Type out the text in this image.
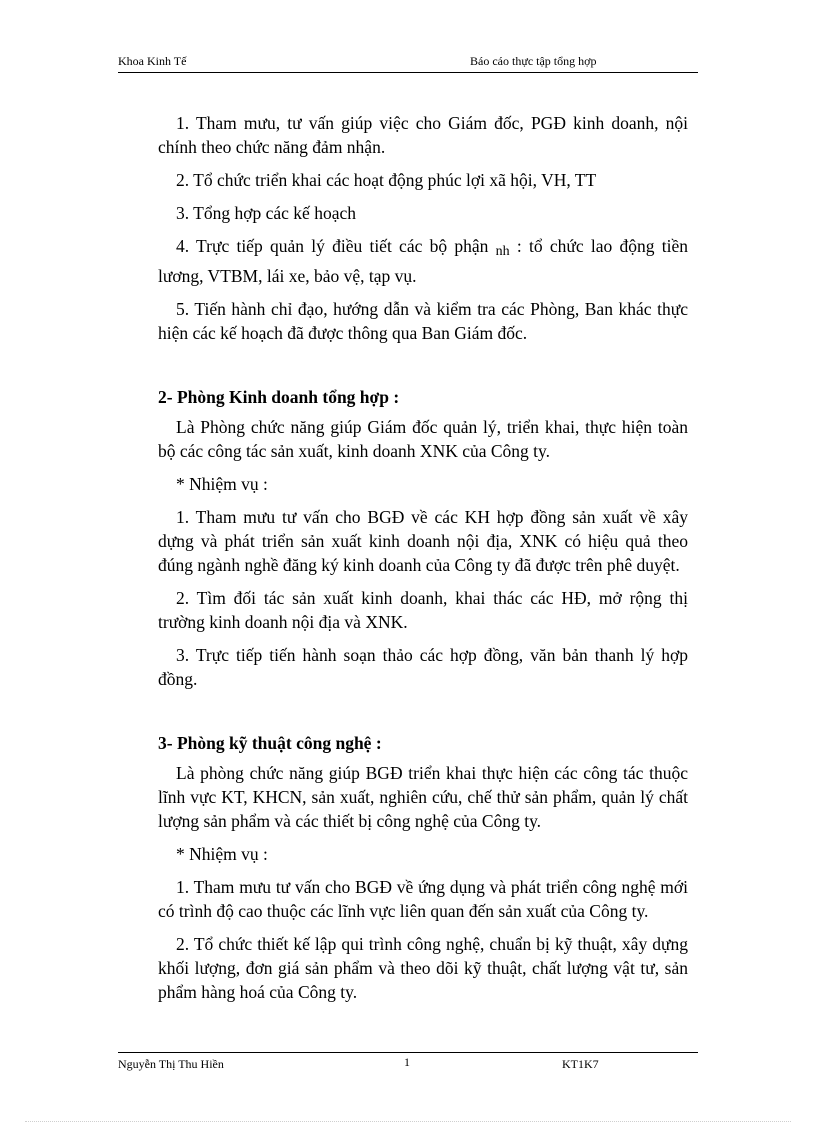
Khoa Kinh Tế	Báo cáo thực tập tổng hợp

1. Tham mưu, tư vấn giúp việc cho Giám đốc, PGĐ kinh doanh, nội chính theo chức năng đảm nhận.

2. Tổ chức triển khai các hoạt động phúc lợi xã hội, VH, TT

3. Tổng hợp các kế hoạch

4. Trực tiếp quản lý điều tiết các bộ phận $_{nh}$ : tổ chức lao động tiền lương, VTBM, lái xe, bảo vệ, tạp vụ.

5. Tiến hành chỉ đạo, hướng dẫn và kiểm tra các Phòng, Ban khác thực hiện các kế hoạch đã được thông qua Ban Giám đốc.

2- Phòng Kinh doanh tổng hợp :

Là Phòng chức năng giúp Giám đốc quản lý, triển khai, thực hiện toàn bộ các công tác sản xuất, kinh doanh XNK của Công ty.

* Nhiệm vụ :

1. Tham mưu tư vấn cho BGĐ về các KH hợp đồng sản xuất về xây dựng và phát triển sản xuất kinh doanh nội địa, XNK có hiệu quả theo đúng ngành nghề đăng ký kinh doanh của Công ty đã được trên phê duyệt.

2. Tìm đối tác sản xuất kinh doanh, khai thác các HĐ, mở rộng thị trường kinh doanh nội địa và XNK.

3. Trực tiếp tiến hành soạn thảo các hợp đồng, văn bản thanh lý hợp đồng.

3- Phòng kỹ thuật công nghệ :

Là phòng chức năng giúp BGĐ triển khai thực hiện các công tác thuộc lĩnh vực KT, KHCN, sản xuất, nghiên cứu, chế thử sản phẩm, quản lý chất lượng sản phẩm và các thiết bị công nghệ của Công ty.

* Nhiệm vụ :

1. Tham mưu tư vấn cho BGĐ về ứng dụng và phát triển công nghệ mới có trình độ cao thuộc các lĩnh vực liên quan đến sản xuất của Công ty.

2. Tổ chức thiết kế lập qui trình công nghệ, chuẩn bị kỹ thuật, xây dựng khối lượng, đơn giá sản phẩm và theo dõi kỹ thuật, chất lượng vật tư, sản phẩm hàng hoá của Công ty.

Nguyễn Thị Thu Hiền	1	KT1K7
